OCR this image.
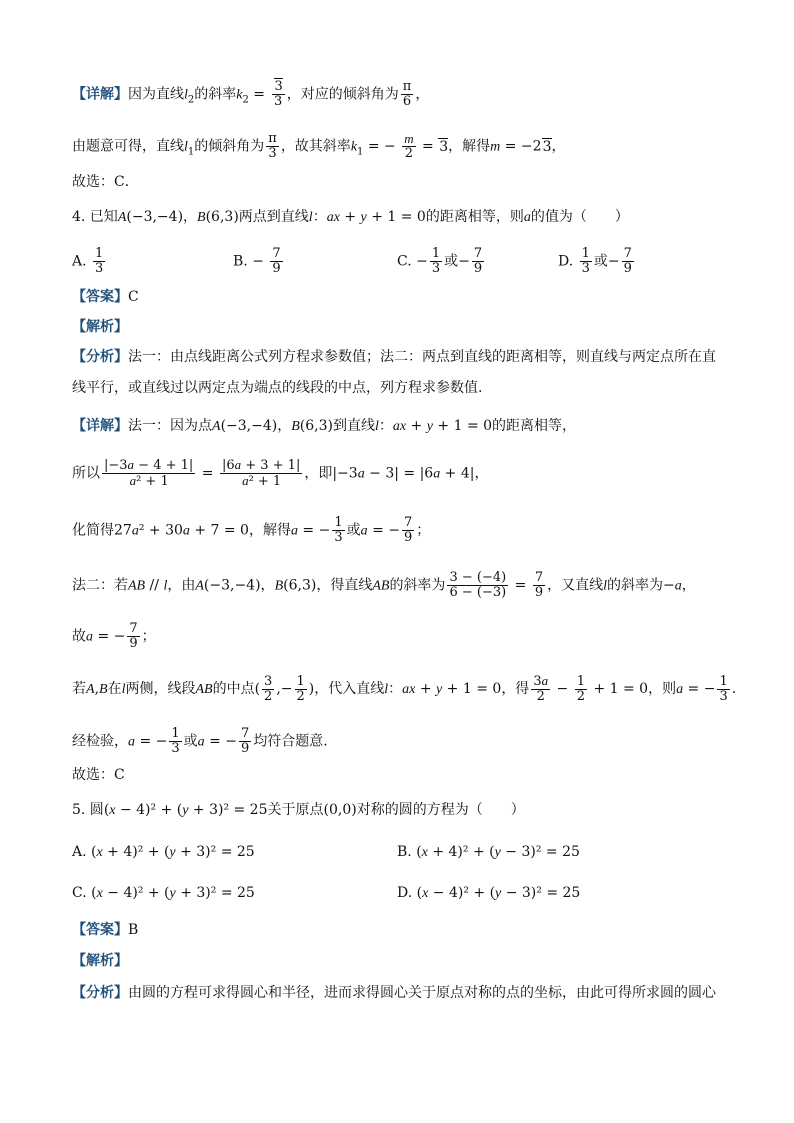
【详解】因为直线$l_2$的斜率$k_2 = \frac{3}{3}$ ，对应的倾斜角为 $\frac{\pi}{6}$ ，
由题意可得，直线$l_1$的倾斜角为 $\frac{\pi}{3}$ ，故其斜率$k_1$ = − $\frac{m}{2} = 3$，解得m = −23，
故选：C．
4. 已知A(−3,−4)，B(6,3)两点到直线l：ax + y + 1 = 0的距离相等，则a的值为（　　）
A. $\frac{1}{3}$	B. − $\frac{7}{9}$	C. − $\frac{1}{3}$ 或− $\frac{7}{9}$	D. $\frac{1}{3}$ 或− $\frac{7}{9}$
【答案】C
【解析】
【分析】法一：由点线距离公式列方程求参数值；法二：两点到直线的距离相等，则直线与两定点所在直
线平行，或直线过以两定点为端点的线段的中点，列方程求参数值.
【详解】法一：因为点A(−3,−4)，B(6,3)到直线l：ax + y + 1 = 0的距离相等，
所以 $\frac{|-3a - 4 + 1|}{\text{a² + 1}} = \frac{|6a + 3 + 1|}{\text{a² + 1}}$ ，即|−3a − 3| = |6a + 4|，
化简得27a² + 30a + 7 = 0，解得a = − $\frac{1}{3}$ 或a = − $\frac{7}{9}$ ；
法二：若AB // l，由A(−3,−4)，B(6,3)，得直线AB的斜率为 $\frac{3 - (-4)}{6 - (-3)} = \frac{7}{9}$ ，又直线l的斜率为−a，
故a = − $\frac{7}{9}$ ；
若A,B在l两侧，线段AB的中点( $\frac{3}{2}$ ,− $\frac{1}{2}$ )，代入直线l：ax + y + 1 = 0，得 $\frac{3a}{2} - \frac{1}{2} + 1 = 0$，则a = − $\frac{1}{3}$ .
经检验，a = − $\frac{1}{3}$ 或a = − $\frac{7}{9}$ 均符合题意.
故选：C
5. 圆(x − 4)² + (y + 3)² = 25关于原点(0,0)对称的圆的方程为（　　）
A. (x + 4)² + (y + 3)² = 25	B. (x + 4)² + (y − 3)² = 25
C. (x − 4)² + (y + 3)² = 25	D. (x − 4)² + (y − 3)² = 25
【答案】B
【解析】
【分析】由圆的方程可求得圆心和半径，进而求得圆心关于原点对称的点的坐标，由此可得所求圆的圆心
